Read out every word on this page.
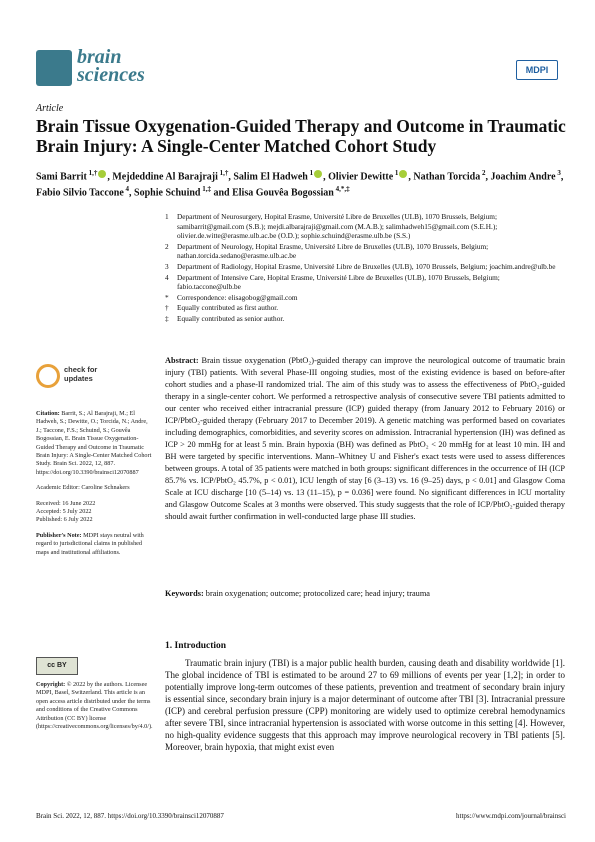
brain
sciences	MDPI
Article
Brain Tissue Oxygenation-Guided Therapy and Outcome in Traumatic Brain Injury: A Single-Center Matched Cohort Study
Sami Barrit $^{1,\dagger}$ , Mejdeddine Al Barajraji $^{1,\dagger}$, Salim El Hadweh $^1$ , Olivier Dewitte $^1$ , Nathan Torcida $^2$, Joachim Andre $^3$, Fabio Silvio Taccone $^4$, Sophie Schuind $^{1,\ddagger}$ and Elisa Gouvêa Bogossian $^{4,*,\ddagger}$
1	Department of Neurosurgery, Hopital Erasme, Université Libre de Bruxelles (ULB), 1070 Brussels, Belgium; samibarrit@gmail.com (S.B.); mejdi.albarajraji@gmail.com (M.A.B.); salimhadweh15@gmail.com (S.E.H.); olivier.de.witte@erasme.ulb.ac.be (O.D.); sophie.schuind@erasme.ulb.be (S.S.)
2	Department of Neurology, Hopital Erasme, Université Libre de Bruxelles (ULB), 1070 Brussels, Belgium; nathan.torcida.sedano@erasme.ulb.ac.be
3	Department of Radiology, Hopital Erasme, Université Libre de Bruxelles (ULB), 1070 Brussels, Belgium; joachim.andre@ulb.be
4	Department of Intensive Care, Hopital Erasme, Université Libre de Bruxelles (ULB), 1070 Brussels, Belgium; fabio.taccone@ulb.be
*	Correspondence: elisagobog@gmail.com
†	Equally contributed as first author.
‡	Equally contributed as senior author.
check for
updates
Citation: Barrit, S.; Al Barajraji, M.; El Hadweh, S.; Dewitte, O.; Torcida, N.; Andre, J.; Taccone, F.S.; Schuind, S.; Gouvêa Bogossian, E. Brain Tissue Oxygenation-Guided Therapy and Outcome in Traumatic Brain Injury: A Single-Center Matched Cohort Study. Brain Sci. 2022, 12, 887. https://doi.org/10.3390/brainsci12070887
Academic Editor: Caroline Schnakers
Received: 16 June 2022
Accepted: 5 July 2022
Published: 6 July 2022
Publisher's Note: MDPI stays neutral with regard to jurisdictional claims in published maps and institutional affiliations.
cc BY
Copyright: © 2022 by the authors. Licensee MDPI, Basel, Switzerland. This article is an open access article distributed under the terms and conditions of the Creative Commons Attribution (CC BY) license (https://creativecommons.org/licenses/by/4.0/).
Abstract: Brain tissue oxygenation (PbtO₂)-guided therapy can improve the neurological outcome of traumatic brain injury (TBI) patients. With several Phase-III ongoing studies, most of the existing evidence is based on before-after cohort studies and a phase-II randomized trial. The aim of this study was to assess the effectiveness of PbtO₂-guided therapy in a single-center cohort. We performed a retrospective analysis of consecutive severe TBI patients admitted to our center who received either intracranial pressure (ICP) guided therapy (from January 2012 to February 2016) or ICP/PbtO₂-guided therapy (February 2017 to December 2019). A genetic matching was performed based on covariates including demographics, comorbidities, and severity scores on admission. Intracranial hypertension (IH) was defined as ICP > 20 mmHg for at least 5 min. Brain hypoxia (BH) was defined as PbtO₂ < 20 mmHg for at least 10 min. IH and BH were targeted by specific interventions. Mann–Whitney U and Fisher's exact tests were used to assess differences between groups. A total of 35 patients were matched in both groups: significant differences in the occurrence of IH (ICP 85.7% vs. ICP/PbtO₂ 45.7%, p < 0.01), ICU length of stay [6 (3–13) vs. 16 (9–25) days, p < 0.01] and Glasgow Coma Scale at ICU discharge [10 (5–14) vs. 13 (11–15), p = 0.036] were found. No significant differences in ICU mortality and Glasgow Outcome Scales at 3 months were observed. This study suggests that the role of ICP/PbtO₂-guided therapy should await further confirmation in well-conducted large phase III studies.
Keywords: brain oxygenation; outcome; protocolized care; head injury; trauma
1. Introduction
Traumatic brain injury (TBI) is a major public health burden, causing death and disability worldwide [1]. The global incidence of TBI is estimated to be around 27 to 69 millions of events per year [1,2]; in order to potentially improve long-term outcomes of these patients, prevention and treatment of secondary brain injury is essential since, secondary brain injury is a major determinant of outcome after TBI [3]. Intracranial pressure (ICP) and cerebral perfusion pressure (CPP) monitoring are widely used to optimize cerebral hemodynamics after severe TBI, since intracranial hypertension is associated with worse outcome in this setting [4]. However, no high-quality evidence suggests that this approach may improve neurological recovery in TBI patients [5]. Moreover, brain hypoxia, that might exist even
Brain Sci. 2022, 12, 887. https://doi.org/10.3390/brainsci12070887	https://www.mdpi.com/journal/brainsci
